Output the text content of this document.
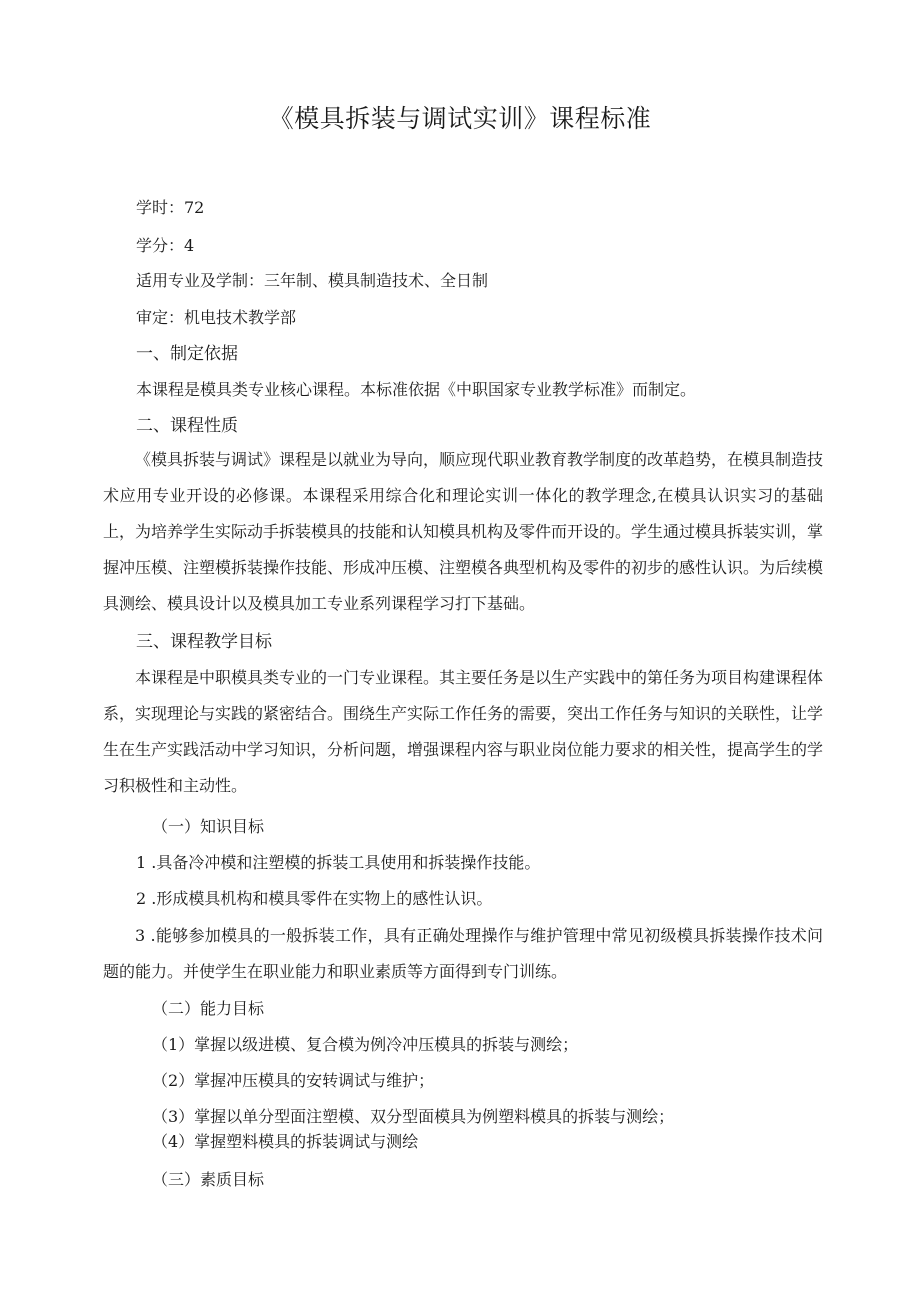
《模具拆装与调试实训》课程标准
学时：72
学分：4
适用专业及学制：三年制、模具制造技术、全日制
审定：机电技术教学部
一、制定依据
本课程是模具类专业核心课程。本标准依据《中职国家专业教学标准》而制定。
二、课程性质
《模具拆装与调试》课程是以就业为导向，顺应现代职业教育教学制度的改革趋势，在模具制造技术应用专业开设的必修课。本课程采用综合化和理论实训一体化的教学理念,在模具认识实习的基础上，为培养学生实际动手拆装模具的技能和认知模具机构及零件而开设的。学生通过模具拆装实训，掌握冲压模、注塑模拆装操作技能、形成冲压模、注塑模各典型机构及零件的初步的感性认识。为后续模具测绘、模具设计以及模具加工专业系列课程学习打下基础。
三、课程教学目标
本课程是中职模具类专业的一门专业课程。其主要任务是以生产实践中的第任务为项目构建课程体系，实现理论与实践的紧密结合。围绕生产实际工作任务的需要，突出工作任务与知识的关联性，让学生在生产实践活动中学习知识，分析问题，增强课程内容与职业岗位能力要求的相关性，提高学生的学习积极性和主动性。
（一）知识目标
1 .具备冷冲模和注塑模的拆装工具使用和拆装操作技能。
2 .形成模具机构和模具零件在实物上的感性认识。
3 .能够参加模具的一般拆装工作，具有正确处理操作与维护管理中常见初级模具拆装操作技术问题的能力。并使学生在职业能力和职业素质等方面得到专门训练。
（二）能力目标
（1）掌握以级进模、复合模为例冷冲压模具的拆装与测绘；
（2）掌握冲压模具的安转调试与维护；
（3）掌握以单分型面注塑模、双分型面模具为例塑料模具的拆装与测绘；
（4）掌握塑料模具的拆装调试与测绘
（三）素质目标
